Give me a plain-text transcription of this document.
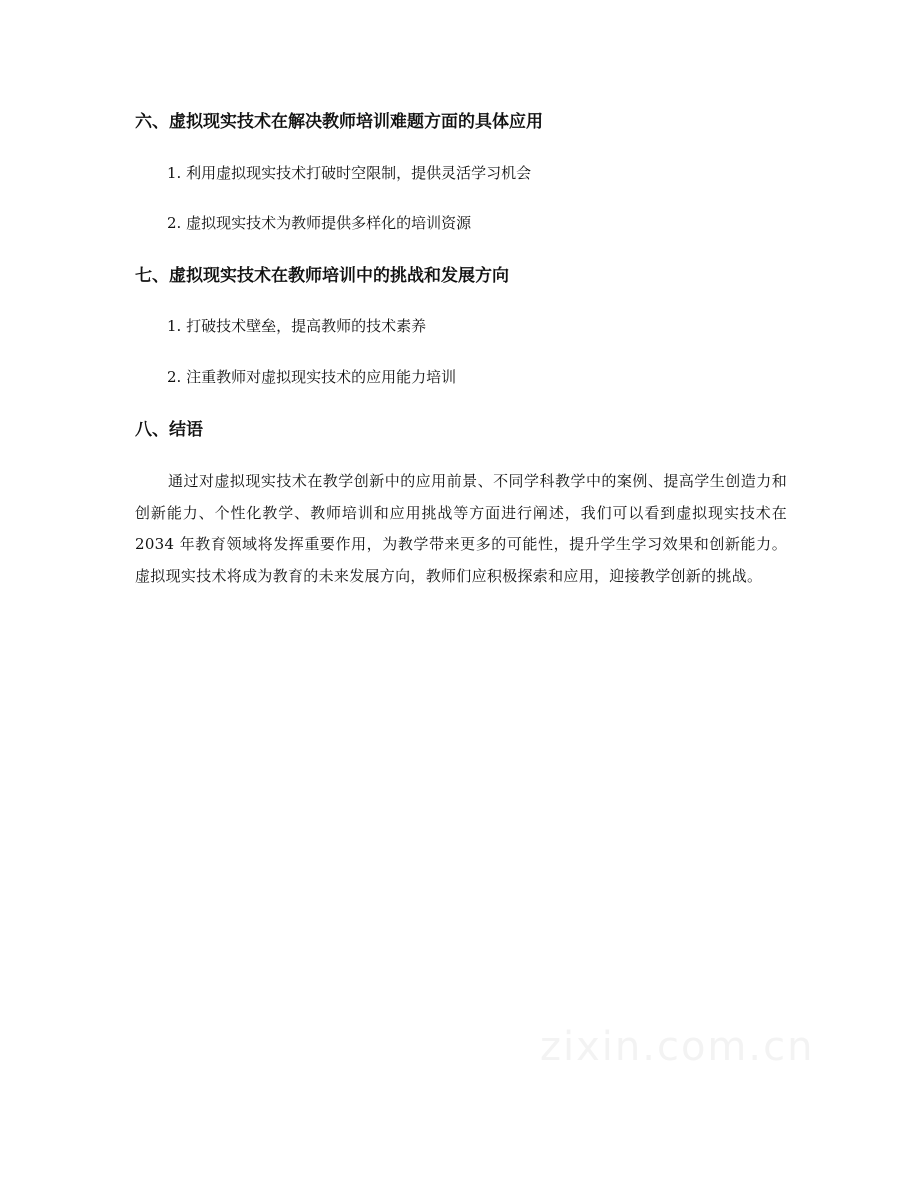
六、虚拟现实技术在解决教师培训难题方面的具体应用

1. 利用虚拟现实技术打破时空限制，提供灵活学习机会

2. 虚拟现实技术为教师提供多样化的培训资源

七、虚拟现实技术在教师培训中的挑战和发展方向

1. 打破技术壁垒，提高教师的技术素养

2. 注重教师对虚拟现实技术的应用能力培训

八、结语

通过对虚拟现实技术在教学创新中的应用前景、不同学科教学中的案例、提高学生创造力和创新能力、个性化教学、教师培训和应用挑战等方面进行阐述，我们可以看到虚拟现实技术在 2034 年教育领域将发挥重要作用，为教学带来更多的可能性，提升学生学习效果和创新能力。虚拟现实技术将成为教育的未来发展方向，教师们应积极探索和应用，迎接教学创新的挑战。

zixin.com.cn
